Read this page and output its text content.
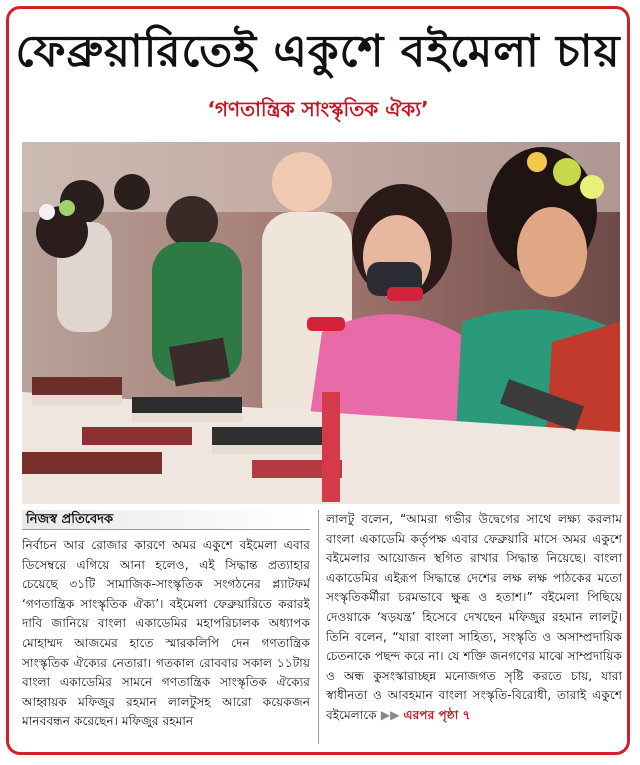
ফেব্রুয়ারিতেই একুশে বইমেলা চায়
‘গণতান্ত্রিক সাংস্কৃতিক ঐক্য’
নিজস্ব প্রতিবেদক
নির্বাচন আর রোজার কারণে অমর একুশে বইমেলা এবার ডিসেম্বরে এগিয়ে আনা হলেও, এই সিদ্ধান্ত প্রত্যাহার চেয়েছে ৩১টি সামাজিক-সাংস্কৃতিক সংগঠনের প্ল্যাটফর্ম ‘গণতান্ত্রিক সাংস্কৃতিক ঐক্য’। বইমেলা ফেব্রুয়ারিতে করারই দাবি জানিয়ে বাংলা একাডেমির মহাপরিচালক অধ্যাপক মোহাম্মদ আজমের হাতে স্মারকলিপি দেন গণতান্ত্রিক সাংস্কৃতিক ঐক্যের নেতারা। গতকাল রোববার সকাল ১১টায় বাংলা একাডেমির সামনে গণতান্ত্রিক সাংস্কৃতিক ঐক্যের আহ্বায়ক মফিজুর রহমান লালটুসহ আরো কয়েকজন মানববন্ধন করেছেন। মফিজুর রহমান
লালটু বলেন, “আমরা গভীর উদ্বেগের সাথে লক্ষ্য করলাম বাংলা একাডেমি কর্তৃপক্ষ এবার ফেব্রুয়ারি মাসে অমর একুশে বইমেলার আয়োজন স্থগিত রাখার সিদ্ধান্ত নিয়েছে। বাংলা একাডেমির এইরূপ সিদ্ধান্তে দেশের লক্ষ লক্ষ পাঠকের মতো সংস্কৃতিকর্মীরা চরমভাবে ক্ষুব্ধ ও হতাশ।” বইমেলা পিছিয়ে দেওয়াকে ‘ষড়যন্ত্র’ হিসেবে দেখছেন মফিজুর রহমান লালটু। তিনি বলেন, “যারা বাংলা সাহিত্য, সংস্কৃতি ও অসাম্প্রদায়িক চেতনাকে পছন্দ করে না। যে শক্তি জনগণের মাঝে সাম্প্রদায়িক ও অন্ধ কুসংস্কারাচ্ছন্ন মনোজগত সৃষ্টি করতে চায়, যারা স্বাধীনতা ও আবহমান বাংলা সংস্কৃতি-বিরোধী, তারাই একুশে বইমেলাকে ▶▶ এরপর পৃষ্ঠা ৭
